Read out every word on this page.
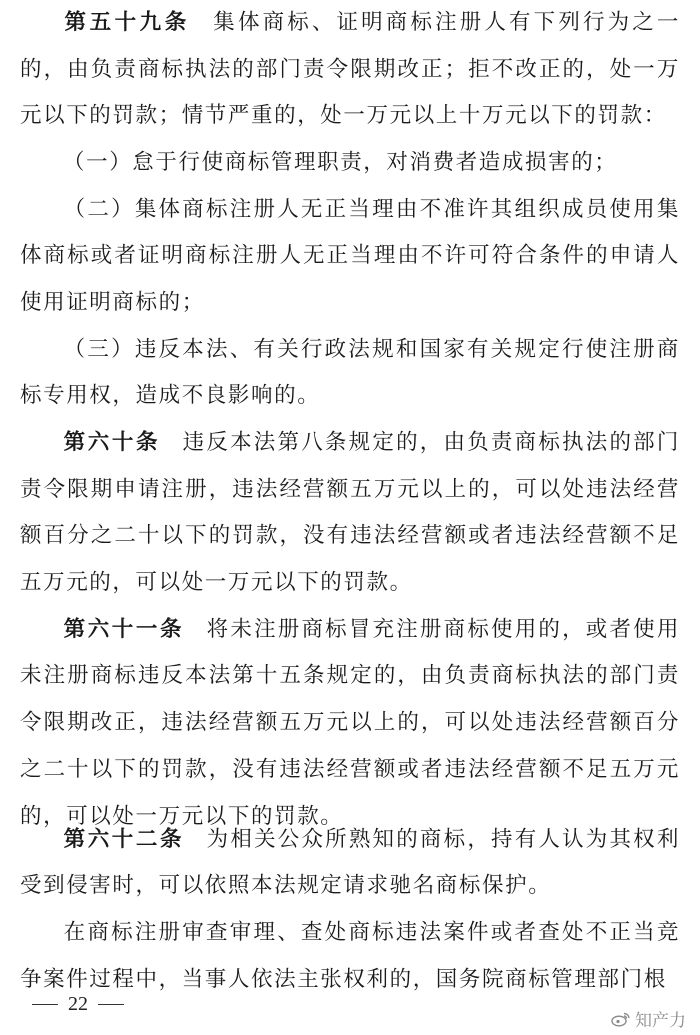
第五十九条 集体商标、证明商标注册人有下列行为之一的，由负责商标执法的部门责令限期改正；拒不改正的，处一万元以下的罚款；情节严重的，处一万元以上十万元以下的罚款：

（一）怠于行使商标管理职责，对消费者造成损害的；

（二）集体商标注册人无正当理由不准许其组织成员使用集体商标或者证明商标注册人无正当理由不许可符合条件的申请人使用证明商标的；

（三）违反本法、有关行政法规和国家有关规定行使注册商标专用权，造成不良影响的。

第六十条 违反本法第八条规定的，由负责商标执法的部门责令限期申请注册，违法经营额五万元以上的，可以处违法经营额百分之二十以下的罚款，没有违法经营额或者违法经营额不足五万元的，可以处一万元以下的罚款。

第六十一条 将未注册商标冒充注册商标使用的，或者使用未注册商标违反本法第十五条规定的，由负责商标执法的部门责令限期改正，违法经营额五万元以上的，可以处违法经营额百分之二十以下的罚款，没有违法经营额或者违法经营额不足五万元的，可以处一万元以下的罚款。

第六十二条 为相关公众所熟知的商标，持有人认为其权利受到侵害时，可以依照本法规定请求驰名商标保护。

在商标注册审查审理、查处商标违法案件或者查处不正当竞争案件过程中，当事人依法主张权利的，国务院商标管理部门根

22
知产力
